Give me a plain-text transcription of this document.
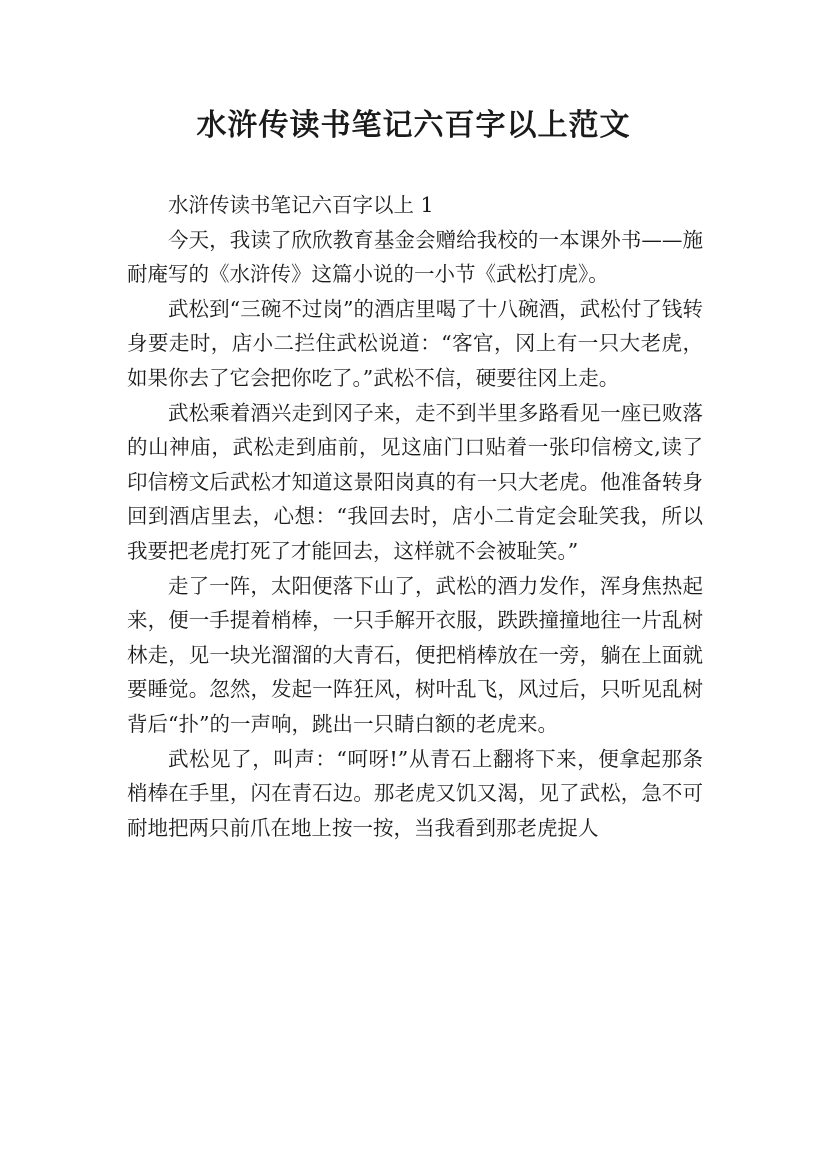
水浒传读书笔记六百字以上范文

水浒传读书笔记六百字以上 1

今天，我读了欣欣教育基金会赠给我校的一本课外书——施耐庵写的《水浒传》这篇小说的一小节《武松打虎》。

武松到“三碗不过岗”的酒店里喝了十八碗酒，武松付了钱转身要走时，店小二拦住武松说道：“客官，冈上有一只大老虎，如果你去了它会把你吃了。”武松不信，硬要往冈上走。

武松乘着酒兴走到冈子来，走不到半里多路看见一座已败落的山神庙，武松走到庙前，见这庙门口贴着一张印信榜文,读了印信榜文后武松才知道这景阳岗真的有一只大老虎。他准备转身回到酒店里去，心想：“我回去时，店小二肯定会耻笑我，所以我要把老虎打死了才能回去，这样就不会被耻笑。”

走了一阵，太阳便落下山了，武松的酒力发作，浑身焦热起来，便一手提着梢棒，一只手解开衣服，跌跌撞撞地往一片乱树林走，见一块光溜溜的大青石，便把梢棒放在一旁，躺在上面就要睡觉。忽然，发起一阵狂风，树叶乱飞，风过后，只听见乱树背后“扑”的一声响，跳出一只睛白额的老虎来。

武松见了，叫声：“呵呀!”从青石上翻将下来，便拿起那条梢棒在手里，闪在青石边。那老虎又饥又渴，见了武松，急不可耐地把两只前爪在地上按一按，当我看到那老虎捉人
